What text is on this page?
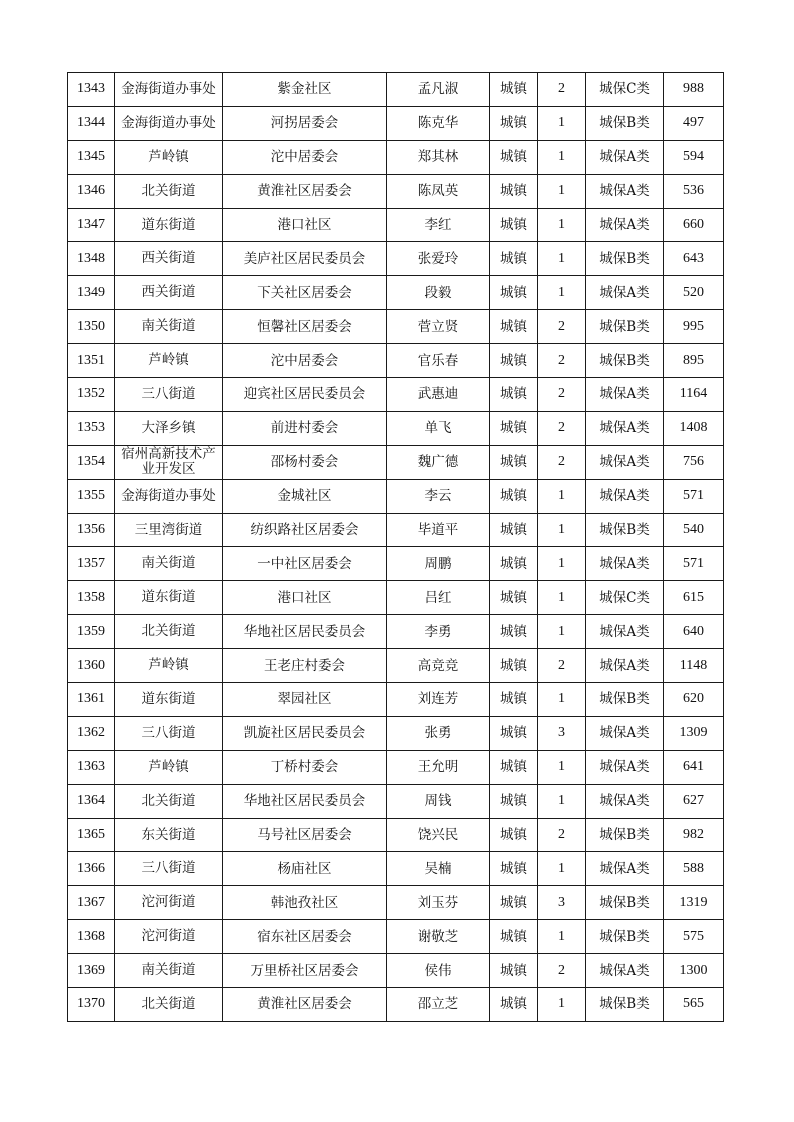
1343	金海街道办事处	紫金社区	孟凡淑	城镇	2	城保C类	988
1344	金海街道办事处	河拐居委会	陈克华	城镇	1	城保B类	497
1345	芦岭镇	沱中居委会	郑其林	城镇	1	城保A类	594
1346	北关街道	黄淮社区居委会	陈凤英	城镇	1	城保A类	536
1347	道东街道	港口社区	李红	城镇	1	城保A类	660
1348	西关街道	美庐社区居民委员会	张爱玲	城镇	1	城保B类	643
1349	西关街道	下关社区居委会	段毅	城镇	1	城保A类	520
1350	南关街道	恒馨社区居委会	菅立贤	城镇	2	城保B类	995
1351	芦岭镇	沱中居委会	官乐春	城镇	2	城保B类	895
1352	三八街道	迎宾社区居民委员会	武惠迪	城镇	2	城保A类	1164
1353	大泽乡镇	前进村委会	单飞	城镇	2	城保A类	1408
1354	宿州高新技术产业开发区	邵杨村委会	魏广德	城镇	2	城保A类	756
1355	金海街道办事处	金城社区	李云	城镇	1	城保A类	571
1356	三里湾街道	纺织路社区居委会	毕道平	城镇	1	城保B类	540
1357	南关街道	一中社区居委会	周鹏	城镇	1	城保A类	571
1358	道东街道	港口社区	吕红	城镇	1	城保C类	615
1359	北关街道	华地社区居民委员会	李勇	城镇	1	城保A类	640
1360	芦岭镇	王老庄村委会	高竞竞	城镇	2	城保A类	1148
1361	道东街道	翠园社区	刘连芳	城镇	1	城保B类	620
1362	三八街道	凯旋社区居民委员会	张勇	城镇	3	城保A类	1309
1363	芦岭镇	丁桥村委会	王允明	城镇	1	城保A类	641
1364	北关街道	华地社区居民委员会	周钱	城镇	1	城保A类	627
1365	东关街道	马号社区居委会	饶兴民	城镇	2	城保B类	982
1366	三八街道	杨庙社区	吴楠	城镇	1	城保A类	588
1367	沱河街道	韩池孜社区	刘玉芬	城镇	3	城保B类	1319
1368	沱河街道	宿东社区居委会	谢敬芝	城镇	1	城保B类	575
1369	南关街道	万里桥社区居委会	侯伟	城镇	2	城保A类	1300
1370	北关街道	黄淮社区居委会	邵立芝	城镇	1	城保B类	565
